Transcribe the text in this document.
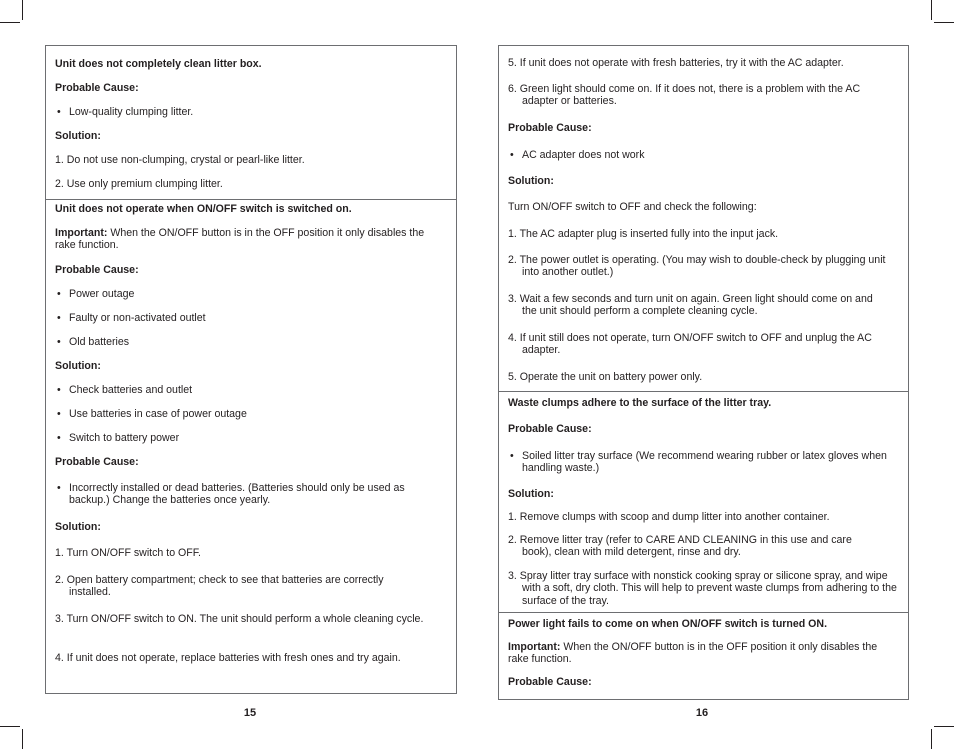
Unit does not completely clean litter box.
Probable Cause:
• Low-quality clumping litter.
Solution:
1. Do not use non-clumping, crystal or pearl-like litter.
2. Use only premium clumping litter.
Unit does not operate when ON/OFF switch is switched on.
Important: When the ON/OFF button is in the OFF position it only disables the rake function.
Probable Cause:
• Power outage
• Faulty or non-activated outlet
• Old batteries
Solution:
• Check batteries and outlet
• Use batteries in case of power outage
• Switch to battery power
Probable Cause:
• Incorrectly installed or dead batteries. (Batteries should only be used as backup.) Change the batteries once yearly.
Solution:
1. Turn ON/OFF switch to OFF.
2. Open battery compartment; check to see that batteries are correctly installed.
3. Turn ON/OFF switch to ON. The unit should perform a whole cleaning cycle.
4. If unit does not operate, replace batteries with fresh ones and try again.
15
5. If unit does not operate with fresh batteries, try it with the AC adapter.
6. Green light should come on. If it does not, there is a problem with the AC adapter or batteries.
Probable Cause:
• AC adapter does not work
Solution:
Turn ON/OFF switch to OFF and check the following:
1. The AC adapter plug is inserted fully into the input jack.
2. The power outlet is operating. (You may wish to double-check by plugging unit into another outlet.)
3. Wait a few seconds and turn unit on again. Green light should come on and the unit should perform a complete cleaning cycle.
4. If unit still does not operate, turn ON/OFF switch to OFF and unplug the AC adapter.
5. Operate the unit on battery power only.
Waste clumps adhere to the surface of the litter tray.
Probable Cause:
• Soiled litter tray surface (We recommend wearing rubber or latex gloves when handling waste.)
Solution:
1. Remove clumps with scoop and dump litter into another container.
2. Remove litter tray (refer to CARE AND CLEANING in this use and care book), clean with mild detergent, rinse and dry.
3. Spray litter tray surface with nonstick cooking spray or silicone spray, and wipe with a soft, dry cloth. This will help to prevent waste clumps from adhering to the surface of the tray.
Power light fails to come on when ON/OFF switch is turned ON.
Important: When the ON/OFF button is in the OFF position it only disables the rake function.
Probable Cause:
16
